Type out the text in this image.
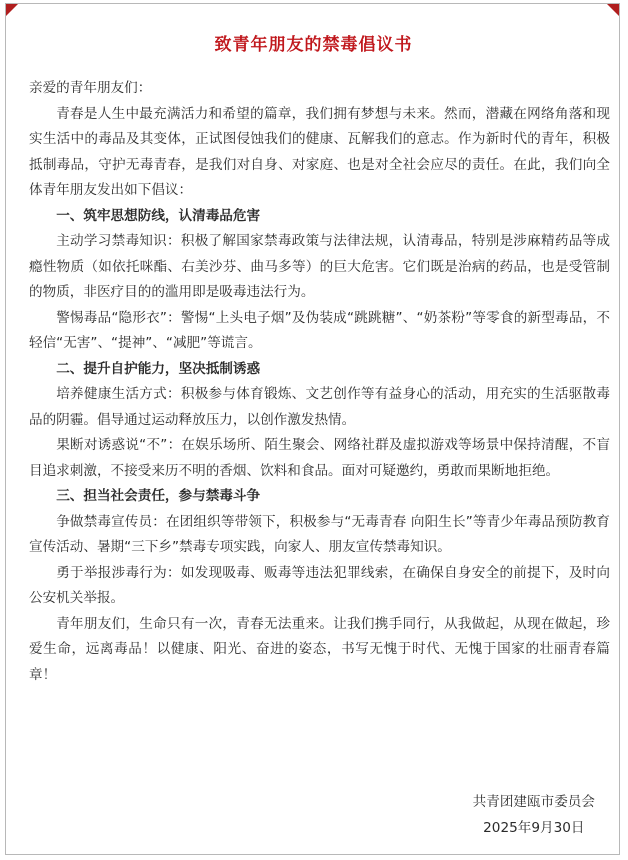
致青年朋友的禁毒倡议书

亲爱的青年朋友们：

青春是人生中最充满活力和希望的篇章，我们拥有梦想与未来。然而，潜藏在网络角落和现实生活中的毒品及其变体，正试图侵蚀我们的健康、瓦解我们的意志。作为新时代的青年，积极抵制毒品，守护无毒青春，是我们对自身、对家庭、也是对全社会应尽的责任。在此，我们向全体青年朋友发出如下倡议：

一、筑牢思想防线，认清毒品危害

主动学习禁毒知识：积极了解国家禁毒政策与法律法规，认清毒品，特别是涉麻精药品等成瘾性物质（如依托咪酯、右美沙芬、曲马多等）的巨大危害。它们既是治病的药品，也是受管制的物质，非医疗目的的滥用即是吸毒违法行为。

警惕毒品“隐形衣”：警惕“上头电子烟”及伪装成“跳跳糖”、“奶茶粉”等零食的新型毒品，不轻信“无害”、“提神”、“减肥”等谎言。

二、提升自护能力，坚决抵制诱惑

培养健康生活方式：积极参与体育锻炼、文艺创作等有益身心的活动，用充实的生活驱散毒品的阴霾。倡导通过运动释放压力，以创作激发热情。

果断对诱惑说“不”：在娱乐场所、陌生聚会、网络社群及虚拟游戏等场景中保持清醒，不盲目追求刺激，不接受来历不明的香烟、饮料和食品。面对可疑邀约，勇敢而果断地拒绝。

三、担当社会责任，参与禁毒斗争

争做禁毒宣传员：在团组织等带领下，积极参与“无毒青春 向阳生长”等青少年毒品预防教育宣传活动、暑期“三下乡”禁毒专项实践，向家人、朋友宣传禁毒知识。

勇于举报涉毒行为：如发现吸毒、贩毒等违法犯罪线索，在确保自身安全的前提下，及时向公安机关举报。

青年朋友们，生命只有一次，青春无法重来。让我们携手同行，从我做起，从现在做起，珍爱生命，远离毒品！以健康、阳光、奋进的姿态，书写无愧于时代、无愧于国家的壮丽青春篇章！

共青团建瓯市委员会

2025年9月30日
